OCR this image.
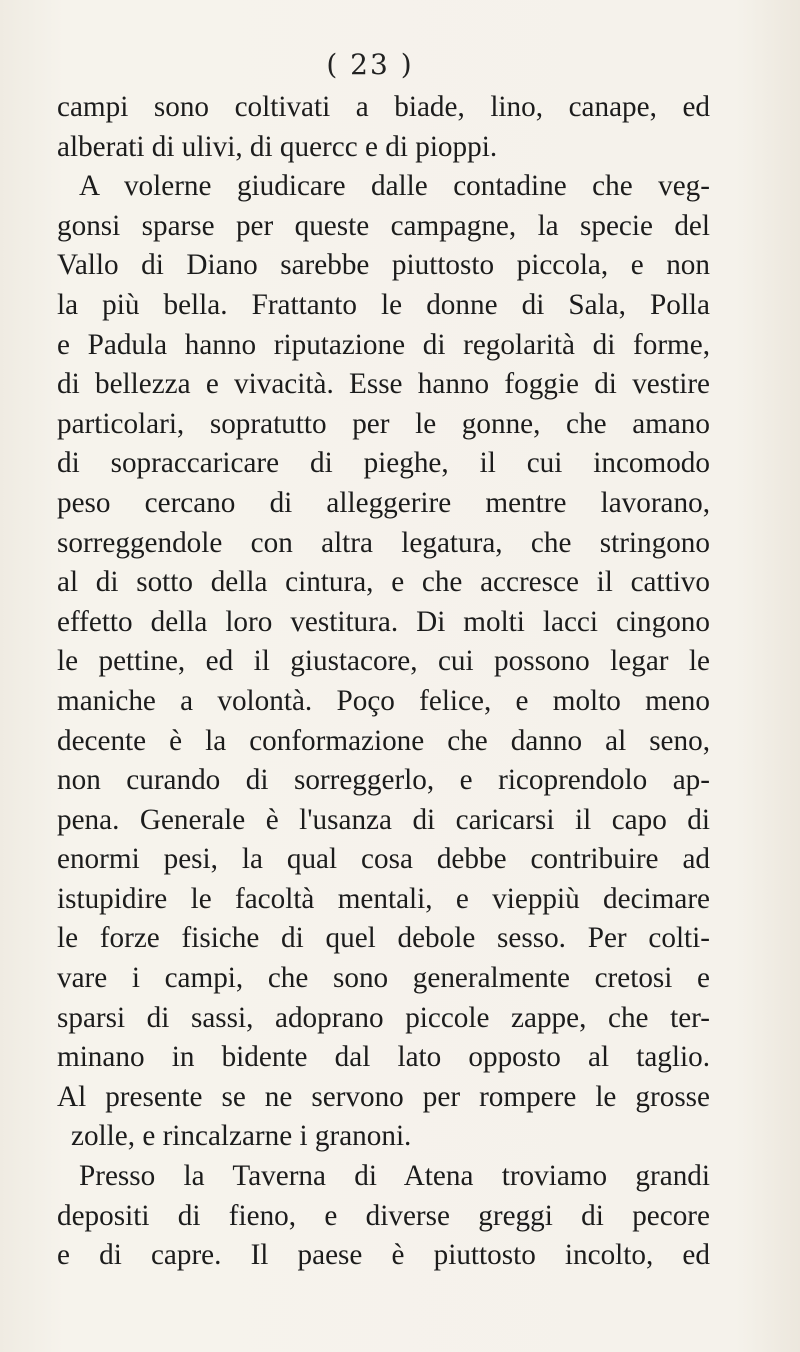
( 23 )
campi sono coltivati a biade, lino, canape, ed
alberati di ulivi, di quercc e di pioppi.
A volerne giudicare dalle contadine che veg-
gonsi sparse per queste campagne, la specie del
Vallo di Diano sarebbe piuttosto piccola, e non
la più bella. Frattanto le donne di Sala, Polla
e Padula hanno riputazione di regolarità di forme,
di bellezza e vivacità. Esse hanno foggie di vestire
particolari, sopratutto per le gonne, che amano
di sopraccaricare di pieghe, il cui incomodo
peso cercano di alleggerire mentre lavorano,
sorreggendole con altra legatura, che stringono
al di sotto della cintura, e che accresce il cattivo
effetto della loro vestitura. Di molti lacci cingono
le pettine, ed il giustacore, cui possono legar le
maniche a volontà. Poço felice, e molto meno
decente è la conformazione che danno al seno,
non curando di sorreggerlo, e ricoprendolo ap-
pena. Generale è l'usanza di caricarsi il capo di
enormi pesi, la qual cosa debbe contribuire ad
istupidire le facoltà mentali, e vieppiù decimare
le forze fisiche di quel debole sesso. Per colti-
vare i campi, che sono generalmente cretosi e
sparsi di sassi, adoprano piccole zappe, che ter-
minano in bidente dal lato opposto al taglio.
Al presente se ne servono per rompere le grosse
zolle, e rincalzarne i granoni.
Presso la Taverna di Atena troviamo grandi
depositi di fieno, e diverse greggi di pecore
e di capre. Il paese è piuttosto incolto, ed
